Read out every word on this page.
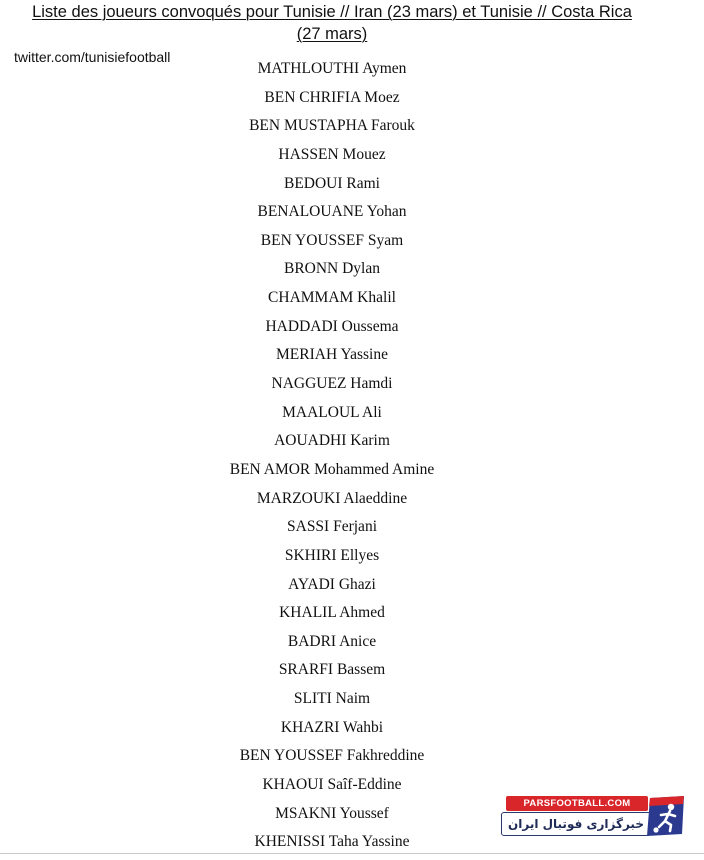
Liste des joueurs convoqués pour Tunisie // Iran (23 mars) et Tunisie // Costa Rica (27 mars)
twitter.com/tunisiefootball
MATHLOUTHI Aymen
BEN CHRIFIA Moez
BEN MUSTAPHA Farouk
HASSEN Mouez
BEDOUI Rami
BENALOUANE Yohan
BEN YOUSSEF Syam
BRONN Dylan
CHAMMAM Khalil
HADDADI Oussema
MERIAH Yassine
NAGGUEZ Hamdi
MAALOUL Ali
AOUADHI Karim
BEN AMOR Mohammed Amine
MARZOUKI Alaeddine
SASSI Ferjani
SKHIRI Ellyes
AYADI Ghazi
KHALIL Ahmed
BADRI Anice
SRARFI Bassem
SLITI Naim
KHAZRI Wahbi
BEN YOUSSEF Fakhreddine
KHAOUI Saîf-Eddine
MSAKNI Youssef
KHENISSI Taha Yassine
PARSFOOTBALL.COM
خبرگزاری فوتبال ایران
